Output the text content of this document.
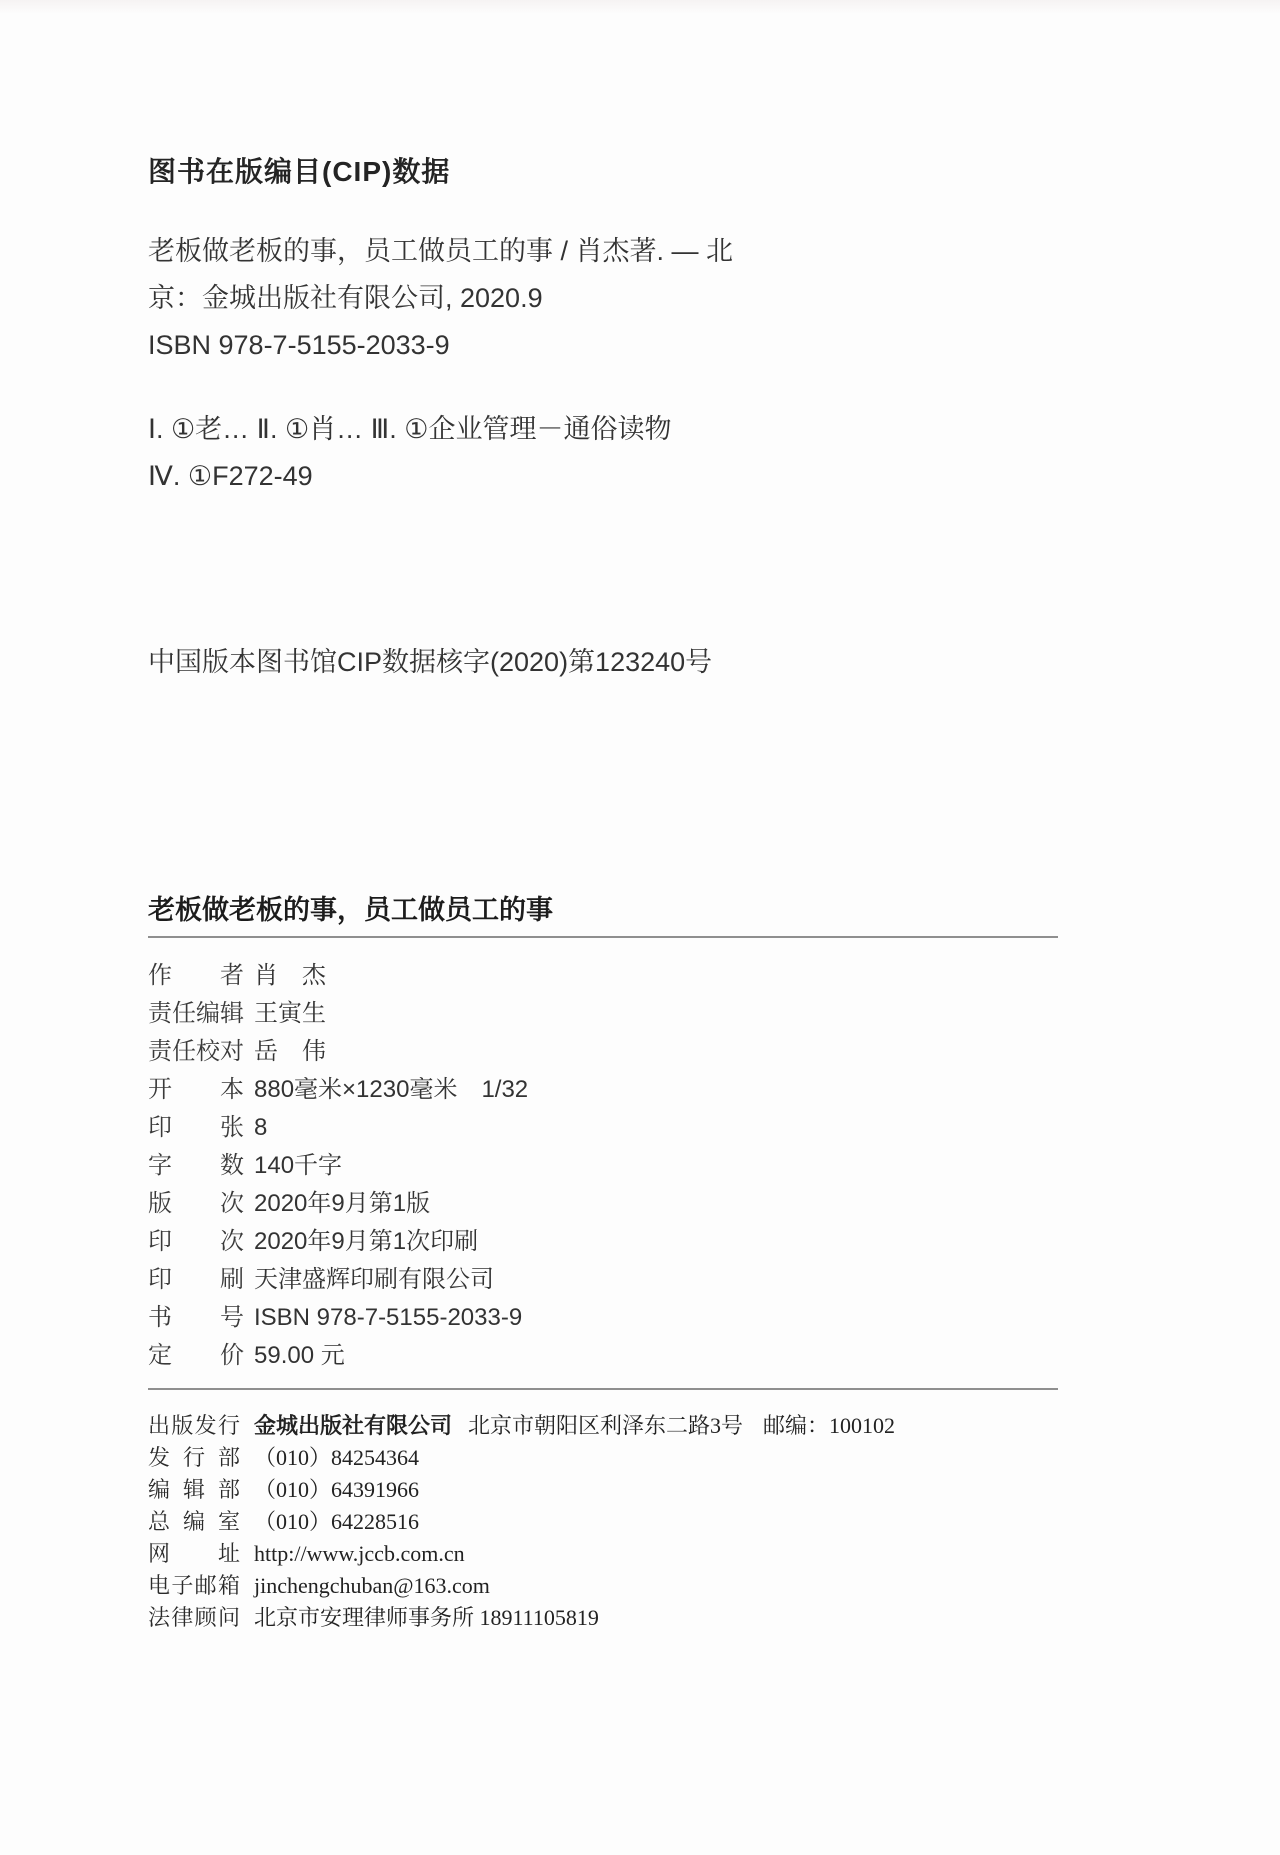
图书在版编目(CIP)数据
老板做老板的事，员工做员工的事 / 肖杰著. — 北
京：金城出版社有限公司, 2020.9
ISBN 978-7-5155-2033-9
Ⅰ. ①老… Ⅱ. ①肖… Ⅲ. ①企业管理－通俗读物
Ⅳ. ①F272-49
中国版本图书馆CIP数据核字(2020)第123240号
老板做老板的事，员工做员工的事
作者 肖　杰
责任编辑 王寅生
责任校对 岳　伟
开本 880毫米×1230毫米　1/32
印张 8
字数 140千字
版次 2020年9月第1版
印次 2020年9月第1次印刷
印刷 天津盛辉印刷有限公司
书号 ISBN 978-7-5155-2033-9
定价 59.00 元
出版发行 金城出版社有限公司 北京市朝阳区利泽东二路3号 邮编：100102
发行部 （010）84254364
编辑部 （010）64391966
总编室 （010）64228516
网址 http://www.jccb.com.cn
电子邮箱 jinchengchuban@163.com
法律顾问 北京市安理律师事务所 18911105819
